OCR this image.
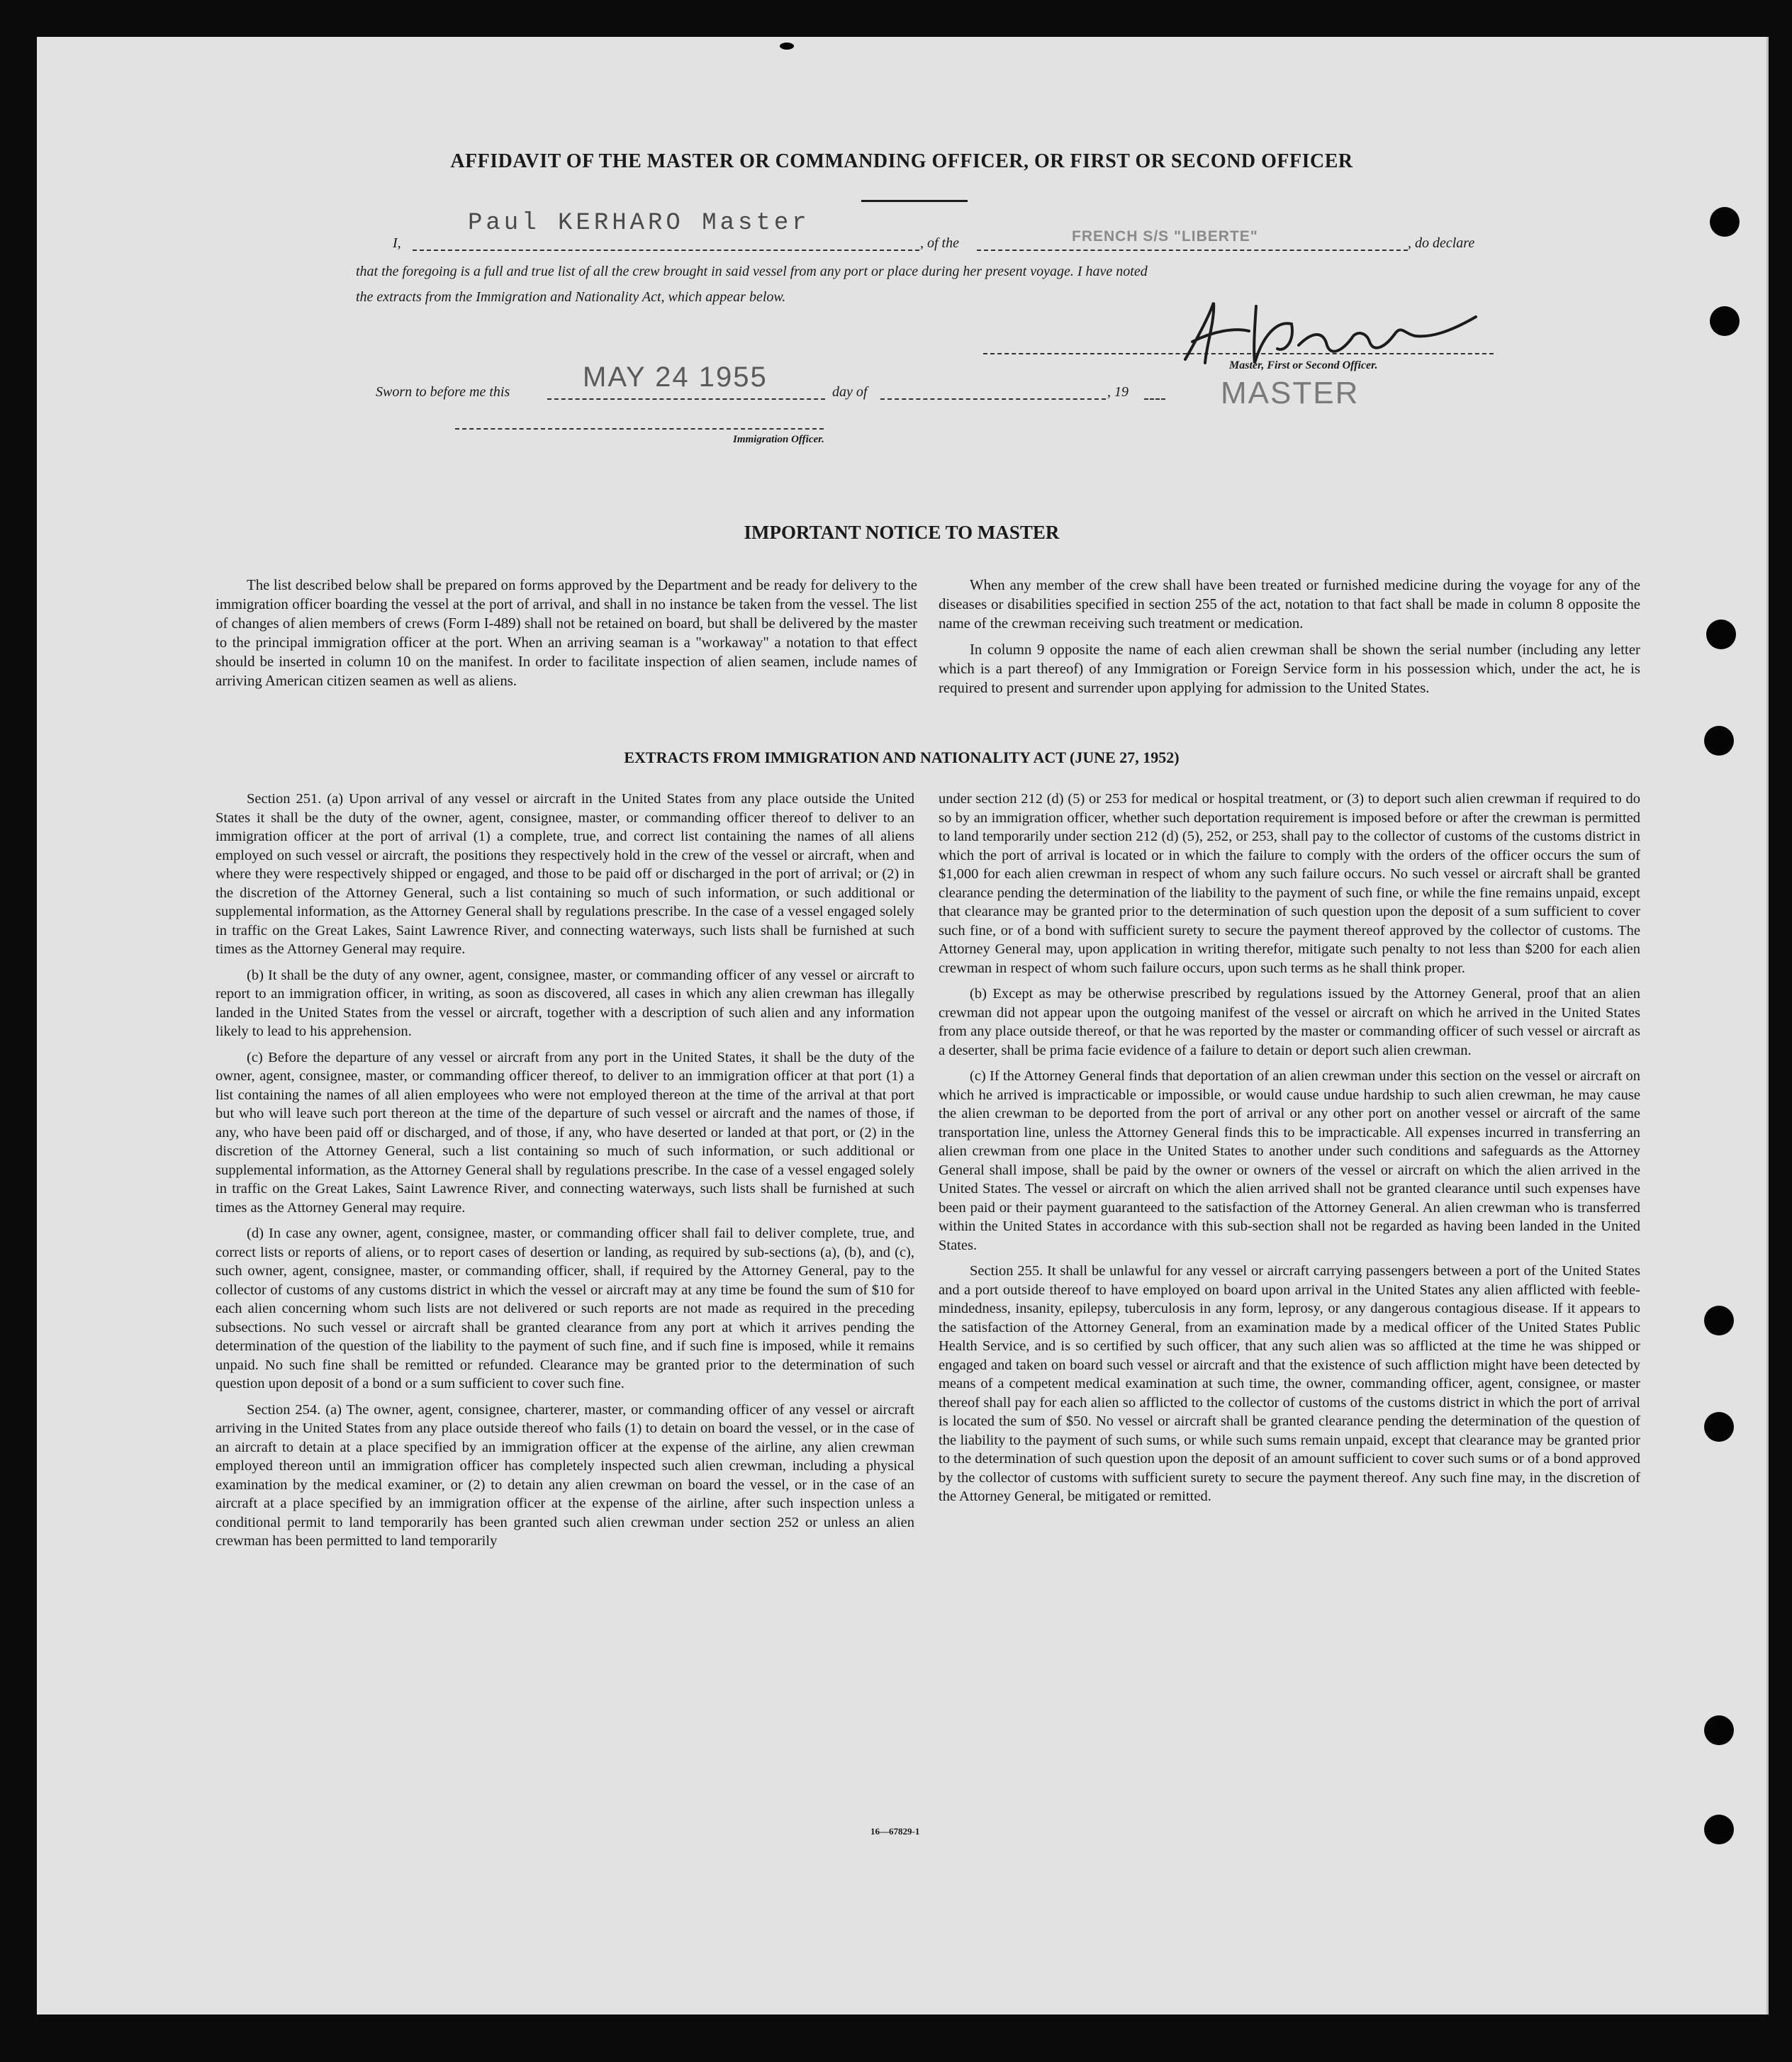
AFFIDAVIT OF THE MASTER OR COMMANDING OFFICER, OR FIRST OR SECOND OFFICER
I,
Paul KERHARO Master
, of the	FRENCH S/S "LIBERTE"	, do declare
that the foregoing is a full and true list of all the crew brought in said vessel from any port or place during her present voyage. I have noted
the extracts from the Immigration and Nationality Act, which appear below.
Master, First or Second Officer.
MASTER
Sworn to before me this	MAY 24 1955	day of	, 19
Immigration Officer.
IMPORTANT NOTICE TO MASTER

The list described below shall be prepared on forms approved by the Department and be ready for delivery to the immigration officer boarding the vessel at the port of arrival, and shall in no instance be taken from the vessel. The list of changes of alien members of crews (Form I-489) shall not be retained on board, but shall be delivered by the master to the principal immigration officer at the port. When an arriving seaman is a "workaway" a notation to that effect should be inserted in column 10 on the manifest. In order to facilitate inspection of alien seamen, include names of arriving American citizen seamen as well as aliens.

When any member of the crew shall have been treated or furnished medicine during the voyage for any of the diseases or disabilities specified in section 255 of the act, notation to that fact shall be made in column 8 opposite the name of the crewman receiving such treatment or medication.

In column 9 opposite the name of each alien crewman shall be shown the serial number (including any letter which is a part thereof) of any Immigration or Foreign Service form in his possession which, under the act, he is required to present and surrender upon applying for admission to the United States.

EXTRACTS FROM IMMIGRATION AND NATIONALITY ACT (JUNE 27, 1952)

Section 251. (a) Upon arrival of any vessel or aircraft in the United States from any place outside the United States it shall be the duty of the owner, agent, consignee, master, or commanding officer thereof to deliver to an immigration officer at the port of arrival (1) a complete, true, and correct list containing the names of all aliens employed on such vessel or aircraft, the positions they respectively hold in the crew of the vessel or aircraft, when and where they were respectively shipped or engaged, and those to be paid off or discharged in the port of arrival; or (2) in the discretion of the Attorney General, such a list containing so much of such information, or such additional or supplemental information, as the Attorney General shall by regulations prescribe. In the case of a vessel engaged solely in traffic on the Great Lakes, Saint Lawrence River, and connecting waterways, such lists shall be furnished at such times as the Attorney General may require.

(b) It shall be the duty of any owner, agent, consignee, master, or commanding officer of any vessel or aircraft to report to an immigration officer, in writing, as soon as discovered, all cases in which any alien crewman has illegally landed in the United States from the vessel or aircraft, together with a description of such alien and any information likely to lead to his apprehension.

(c) Before the departure of any vessel or aircraft from any port in the United States, it shall be the duty of the owner, agent, consignee, master, or commanding officer thereof, to deliver to an immigration officer at that port (1) a list containing the names of all alien employees who were not employed thereon at the time of the arrival at that port but who will leave such port thereon at the time of the departure of such vessel or aircraft and the names of those, if any, who have been paid off or discharged, and of those, if any, who have deserted or landed at that port, or (2) in the discretion of the Attorney General, such a list containing so much of such information, or such additional or supplemental information, as the Attorney General shall by regulations prescribe. In the case of a vessel engaged solely in traffic on the Great Lakes, Saint Lawrence River, and connecting waterways, such lists shall be furnished at such times as the Attorney General may require.

(d) In case any owner, agent, consignee, master, or commanding officer shall fail to deliver complete, true, and correct lists or reports of aliens, or to report cases of desertion or landing, as required by sub-sections (a), (b), and (c), such owner, agent, consignee, master, or commanding officer, shall, if required by the Attorney General, pay to the collector of customs of any customs district in which the vessel or aircraft may at any time be found the sum of $10 for each alien concerning whom such lists are not delivered or such reports are not made as required in the preceding subsections. No such vessel or aircraft shall be granted clearance from any port at which it arrives pending the determination of the question of the liability to the payment of such fine, and if such fine is imposed, while it remains unpaid. No such fine shall be remitted or refunded. Clearance may be granted prior to the determination of such question upon deposit of a bond or a sum sufficient to cover such fine.

Section 254. (a) The owner, agent, consignee, charterer, master, or commanding officer of any vessel or aircraft arriving in the United States from any place outside thereof who fails (1) to detain on board the vessel, or in the case of an aircraft to detain at a place specified by an immigration officer at the expense of the airline, any alien crewman employed thereon until an immigration officer has completely inspected such alien crewman, including a physical examination by the medical examiner, or (2) to detain any alien crewman on board the vessel, or in the case of an aircraft at a place specified by an immigration officer at the expense of the airline, after such inspection unless a conditional permit to land temporarily has been granted such alien crewman under section 252 or unless an alien crewman has been permitted to land temporarily

under section 212 (d) (5) or 253 for medical or hospital treatment, or (3) to deport such alien crewman if required to do so by an immigration officer, whether such deportation requirement is imposed before or after the crewman is permitted to land temporarily under section 212 (d) (5), 252, or 253, shall pay to the collector of customs of the customs district in which the port of arrival is located or in which the failure to comply with the orders of the officer occurs the sum of $1,000 for each alien crewman in respect of whom any such failure occurs. No such vessel or aircraft shall be granted clearance pending the determination of the liability to the payment of such fine, or while the fine remains unpaid, except that clearance may be granted prior to the determination of such question upon the deposit of a sum sufficient to cover such fine, or of a bond with sufficient surety to secure the payment thereof approved by the collector of customs. The Attorney General may, upon application in writing therefor, mitigate such penalty to not less than $200 for each alien crewman in respect of whom such failure occurs, upon such terms as he shall think proper.

(b) Except as may be otherwise prescribed by regulations issued by the Attorney General, proof that an alien crewman did not appear upon the outgoing manifest of the vessel or aircraft on which he arrived in the United States from any place outside thereof, or that he was reported by the master or commanding officer of such vessel or aircraft as a deserter, shall be prima facie evidence of a failure to detain or deport such alien crewman.

(c) If the Attorney General finds that deportation of an alien crewman under this section on the vessel or aircraft on which he arrived is impracticable or impossible, or would cause undue hardship to such alien crewman, he may cause the alien crewman to be deported from the port of arrival or any other port on another vessel or aircraft of the same transportation line, unless the Attorney General finds this to be impracticable. All expenses incurred in transferring an alien crewman from one place in the United States to another under such conditions and safeguards as the Attorney General shall impose, shall be paid by the owner or owners of the vessel or aircraft on which the alien arrived in the United States. The vessel or aircraft on which the alien arrived shall not be granted clearance until such expenses have been paid or their payment guaranteed to the satisfaction of the Attorney General. An alien crewman who is transferred within the United States in accordance with this sub-section shall not be regarded as having been landed in the United States.

Section 255. It shall be unlawful for any vessel or aircraft carrying passengers between a port of the United States and a port outside thereof to have employed on board upon arrival in the United States any alien afflicted with feeble-mindedness, insanity, epilepsy, tuberculosis in any form, leprosy, or any dangerous contagious disease. If it appears to the satisfaction of the Attorney General, from an examination made by a medical officer of the United States Public Health Service, and is so certified by such officer, that any such alien was so afflicted at the time he was shipped or engaged and taken on board such vessel or aircraft and that the existence of such affliction might have been detected by means of a competent medical examination at such time, the owner, commanding officer, agent, consignee, or master thereof shall pay for each alien so afflicted to the collector of customs of the customs district in which the port of arrival is located the sum of $50. No vessel or aircraft shall be granted clearance pending the determination of the question of the liability to the payment of such sums, or while such sums remain unpaid, except that clearance may be granted prior to the determination of such question upon the deposit of an amount sufficient to cover such sums or of a bond approved by the collector of customs with sufficient surety to secure the payment thereof. Any such fine may, in the discretion of the Attorney General, be mitigated or remitted.

16—67829-1
